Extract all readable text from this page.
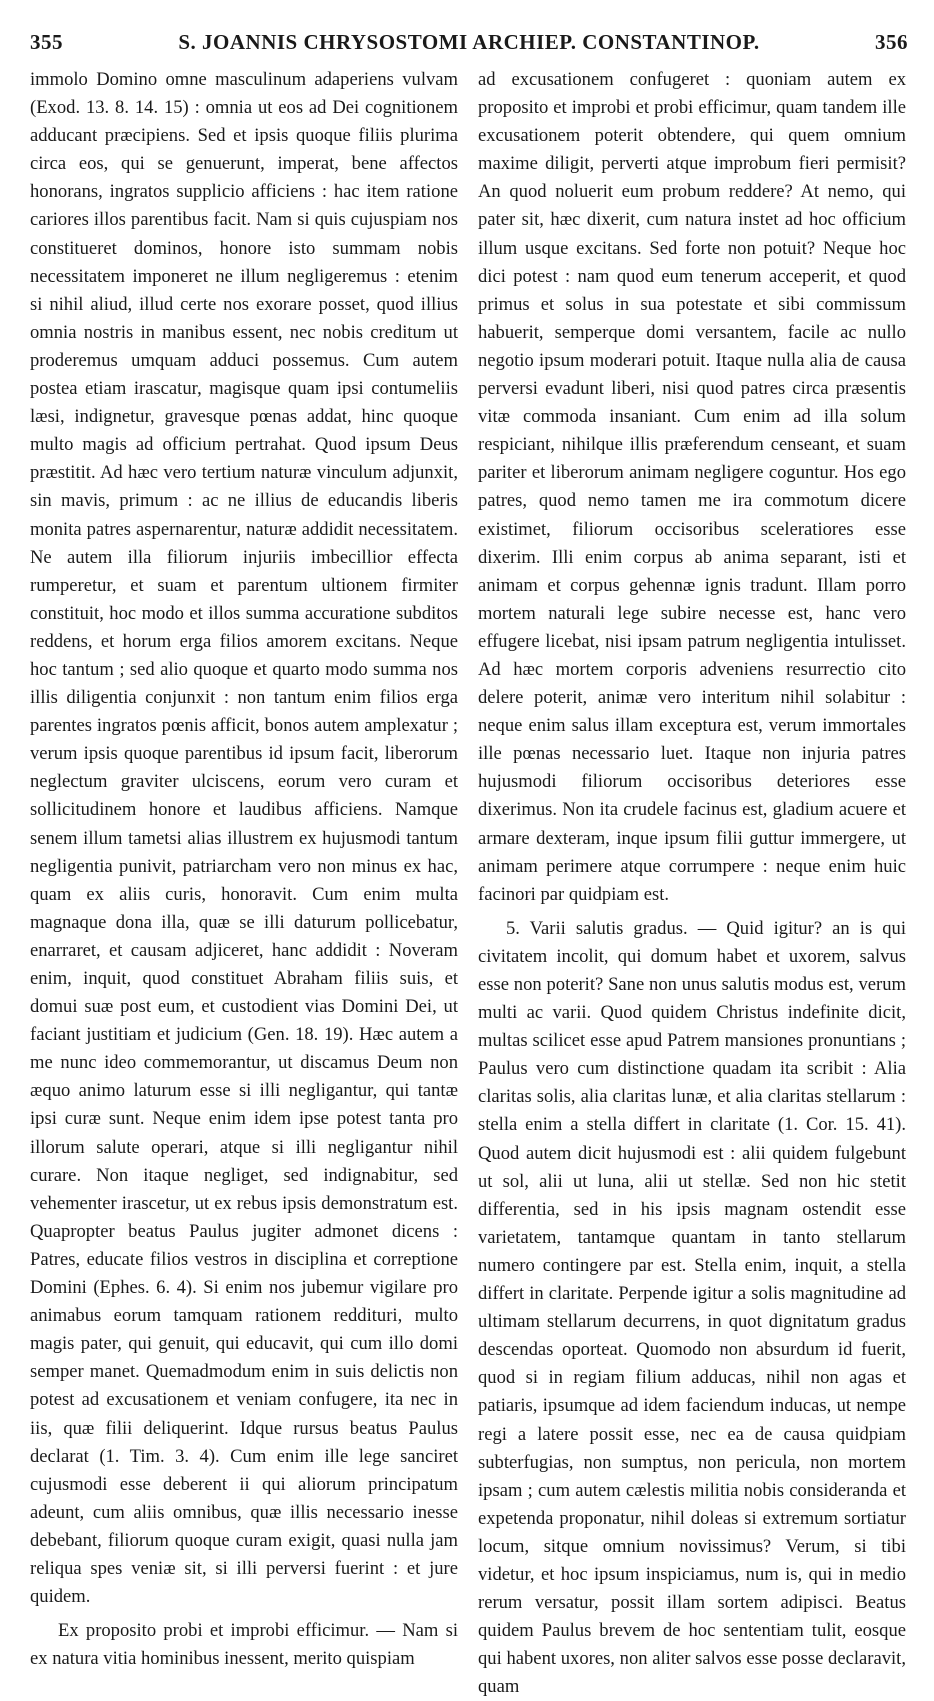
355	S. JOANNIS CHRYSOSTOMI ARCHIEP. CONSTANTINOP.	356

immolo Domino omne masculinum adaperiens vulvam (Exod. 13. 8. 14. 15) : omnia ut eos ad Dei cognitionem adducant præcipiens. Sed et ipsis quoque filiis plurima circa eos, qui se genuerunt, imperat, bene affectos honorans, ingratos supplicio afficiens : hac item ratione cariores illos parentibus facit. Nam si quis cujuspiam nos constitueret dominos, honore isto summam nobis necessitatem imponeret ne illum negligeremus : etenim si nihil aliud, illud certe nos exorare posset, quod illius omnia nostris in manibus essent, nec nobis creditum ut proderemus umquam adduci possemus. Cum autem postea etiam irascatur, magisque quam ipsi contumeliis læsi, indignetur, gravesque pœnas addat, hinc quoque multo magis ad officium pertrahat. Quod ipsum Deus præstitit. Ad hæc vero tertium naturæ vinculum adjunxit, sin mavis, primum : ac ne illius de educandis liberis monita patres aspernarentur, naturæ addidit necessitatem. Ne autem illa filiorum injuriis imbecillior effecta rumperetur, et suam et parentum ultionem firmiter constituit, hoc modo et illos summa accuratione subditos reddens, et horum erga filios amorem excitans. Neque hoc tantum ; sed alio quoque et quarto modo summa nos illis diligentia conjunxit : non tantum enim filios erga parentes ingratos pœnis afficit, bonos autem amplexatur ; verum ipsis quoque parentibus id ipsum facit, liberorum neglectum graviter ulciscens, eorum vero curam et sollicitudinem honore et laudibus afficiens. Namque senem illum tametsi alias illustrem ex hujusmodi tantum negligentia punivit, patriarcham vero non minus ex hac, quam ex aliis curis, honoravit. Cum enim multa magnaque dona illa, quæ se illi daturum pollicebatur, enarraret, et causam adjiceret, hanc addidit : Noveram enim, inquit, quod constituet Abraham filiis suis, et domui suæ post eum, et custodient vias Domini Dei, ut faciant justitiam et judicium (Gen. 18. 19). Hæc autem a me nunc ideo commemorantur, ut discamus Deum non æquo animo laturum esse si illi negligantur, qui tantæ ipsi curæ sunt. Neque enim idem ipse potest tanta pro illorum salute operari, atque si illi negligantur nihil curare. Non itaque negliget, sed indignabitur, sed vehementer irascetur, ut ex rebus ipsis demonstratum est. Quapropter beatus Paulus jugiter admonet dicens : Patres, educate filios vestros in disciplina et correptione Domini (Ephes. 6. 4). Si enim nos jubemur vigilare pro animabus eorum tamquam rationem reddituri, multo magis pater, qui genuit, qui educavit, qui cum illo domi semper manet. Quemadmodum enim in suis delictis non potest ad excusationem et veniam confugere, ita nec in iis, quæ filii deliquerint. Idque rursus beatus Paulus declarat (1. Tim. 3. 4). Cum enim ille lege sanciret cujusmodi esse deberent ii qui aliorum principatum adeunt, cum aliis omnibus, quæ illis necessario inesse debebant, filiorum quoque curam exigit, quasi nulla jam reliqua spes veniæ sit, si illi perversi fuerint : et jure quidem.

Ex proposito probi et improbi efficimur. — Nam si ex natura vitia hominibus inessent, merito quispiam

ad excusationem confugeret : quoniam autem ex proposito et improbi et probi efficimur, quam tandem ille excusationem poterit obtendere, qui quem omnium maxime diligit, perverti atque improbum fieri permisit? An quod noluerit eum probum reddere? At nemo, qui pater sit, hæc dixerit, cum natura instet ad hoc officium illum usque excitans. Sed forte non potuit? Neque hoc dici potest : nam quod eum tenerum acceperit, et quod primus et solus in sua potestate et sibi commissum habuerit, semperque domi versantem, facile ac nullo negotio ipsum moderari potuit. Itaque nulla alia de causa perversi evadunt liberi, nisi quod patres circa præsentis vitæ commoda insaniant. Cum enim ad illa solum respiciant, nihilque illis præferendum censeant, et suam pariter et liberorum animam negligere coguntur. Hos ego patres, quod nemo tamen me ira commotum dicere existimet, filiorum occisoribus sceleratiores esse dixerim. Illi enim corpus ab anima separant, isti et animam et corpus gehennæ ignis tradunt. Illam porro mortem naturali lege subire necesse est, hanc vero effugere licebat, nisi ipsam patrum negligentia intulisset. Ad hæc mortem corporis adveniens resurrectio cito delere poterit, animæ vero interitum nihil solabitur : neque enim salus illam exceptura est, verum immortales ille pœnas necessario luet. Itaque non injuria patres hujusmodi filiorum occisoribus deteriores esse dixerimus. Non ita crudele facinus est, gladium acuere et armare dexteram, inque ipsum filii guttur immergere, ut animam perimere atque corrumpere : neque enim huic facinori par quidpiam est.

5. Varii salutis gradus. — Quid igitur? an is qui civitatem incolit, qui domum habet et uxorem, salvus esse non poterit? Sane non unus salutis modus est, verum multi ac varii. Quod quidem Christus indefinite dicit, multas scilicet esse apud Patrem mansiones pronuntians ; Paulus vero cum distinctione quadam ita scribit : Alia claritas solis, alia claritas lunæ, et alia claritas stellarum : stella enim a stella differt in claritate (1. Cor. 15. 41). Quod autem dicit hujusmodi est : alii quidem fulgebunt ut sol, alii ut luna, alii ut stellæ. Sed non hic stetit differentia, sed in his ipsis magnam ostendit esse varietatem, tantamque quantam in tanto stellarum numero contingere par est. Stella enim, inquit, a stella differt in claritate. Perpende igitur a solis magnitudine ad ultimam stellarum decurrens, in quot dignitatum gradus descendas oporteat. Quomodo non absurdum id fuerit, quod si in regiam filium adducas, nihil non agas et patiaris, ipsumque ad idem faciendum inducas, ut nempe regi a latere possit esse, nec ea de causa quidpiam subterfugias, non sumptus, non pericula, non mortem ipsam ; cum autem cælestis militia nobis consideranda et expetenda proponatur, nihil doleas si extremum sortiatur locum, sitque omnium novissimus? Verum, si tibi videtur, et hoc ipsum inspiciamus, num is, qui in medio rerum versatur, possit illam sortem adipisci. Beatus quidem Paulus brevem de hoc sententiam tulit, eosque qui habent uxores, non aliter salvos esse posse declaravit, quam
